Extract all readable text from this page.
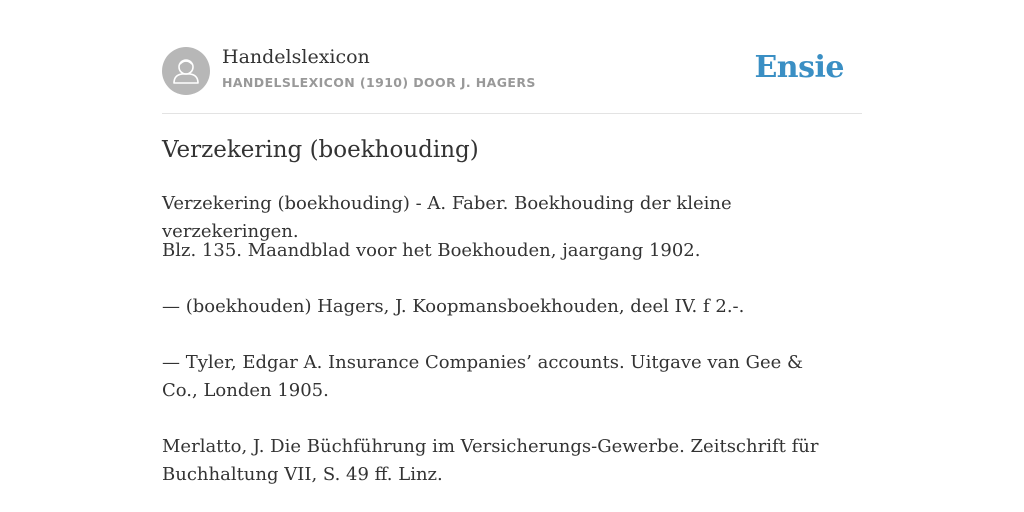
Handelslexicon
HANDELSLEXICON (1910) DOOR J. HAGERS	Ensie
Verzekering (boekhouding)
Verzekering (boekhouding) - A. Faber. Boekhouding der kleine verzekeringen.
Blz. 135. Maandblad voor het Boekhouden, jaargang 1902.
— (boekhouden) Hagers, J. Koopmansboekhouden, deel IV. f 2.-.
— Tyler, Edgar A. Insurance Companies’ accounts. Uitgave van Gee & Co., Londen 1905.
Merlatto, J. Die Büchführung im Versicherungs-Gewerbe. Zeitschrift für Buchhaltung VII, S. 49 ff. Linz.
